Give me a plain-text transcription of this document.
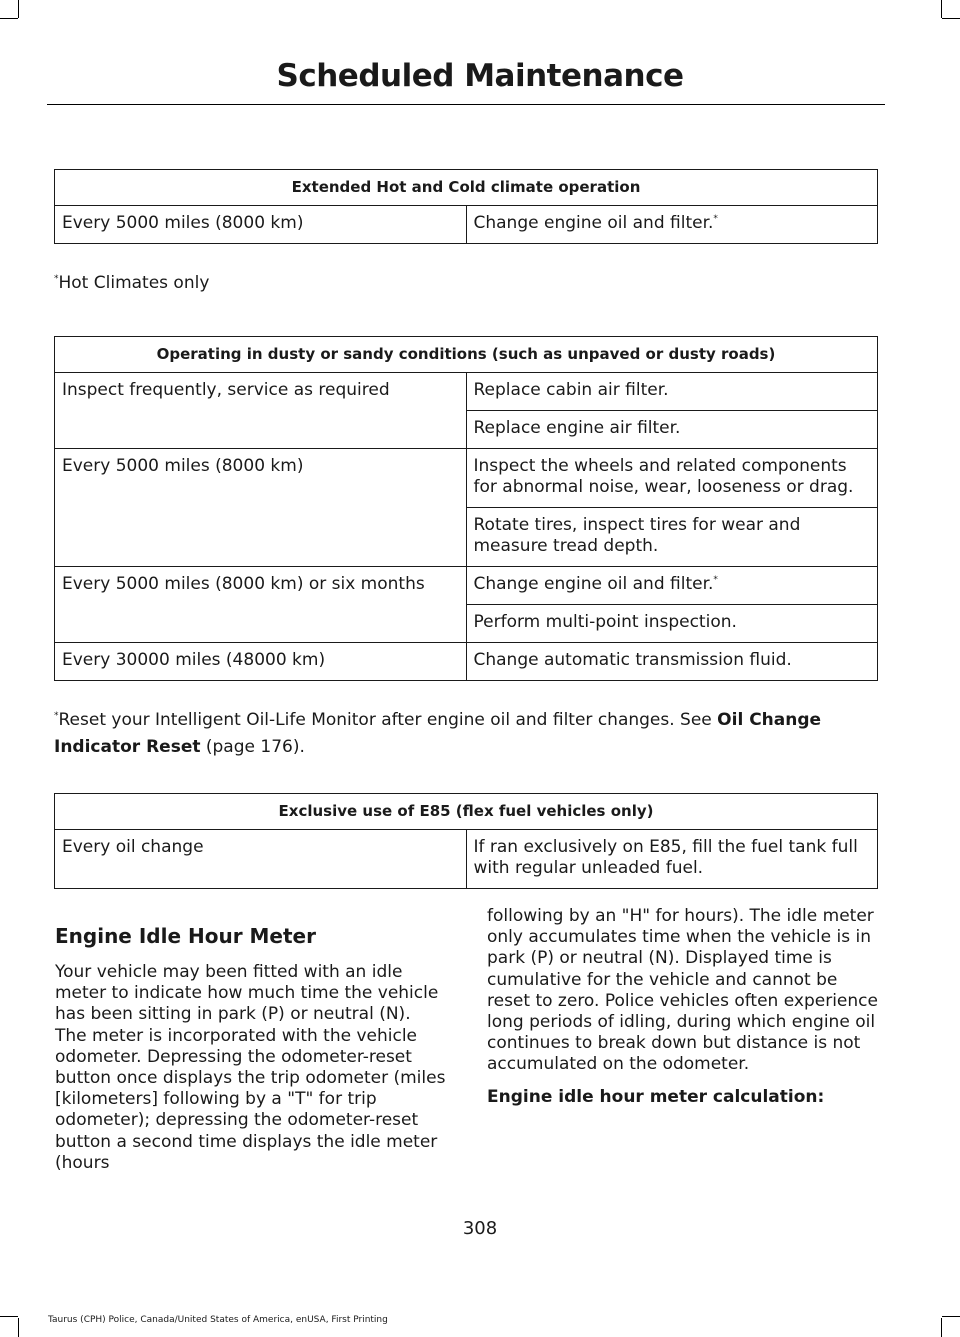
Scheduled Maintenance
Extended Hot and Cold climate operation
Every 5000 miles (8000 km)	Change engine oil and filter.*

*Hot Climates only

Operating in dusty or sandy conditions (such as unpaved or dusty roads)	
Inspect frequently, service as required	Replace cabin air filter.
	Replace engine air filter.
Every 5000 miles (8000 km)	Inspect the wheels and related components for abnormal noise, wear, looseness or drag.
	Rotate tires, inspect tires for wear and measure tread depth.
Every 5000 miles (8000 km) or six months	Change engine oil and filter.*
	Perform multi-point inspection.
Every 30000 miles (48000 km)	Change automatic transmission fluid.

*Reset your Intelligent Oil-Life Monitor after engine oil and filter changes. See Oil Change Indicator Reset (page 176).

Exclusive use of E85 (flex fuel vehicles only)
Every oil change	If ran exclusively on E85, fill the fuel tank full with regular unleaded fuel.
Engine Idle Hour Meter

Your vehicle may been fitted with an idle meter to indicate how much time the vehicle has been sitting in park (P) or neutral (N). The meter is incorporated with the vehicle odometer. Depressing the odometer-reset button once displays the trip odometer (miles [kilometers] following by a "T" for trip odometer); depressing the odometer-reset button a second time displays the idle meter (hours

following by an "H" for hours). The idle meter only accumulates time when the vehicle is in park (P) or neutral (N). Displayed time is cumulative for the vehicle and cannot be reset to zero. Police vehicles often experience long periods of idling, during which engine oil continues to break down but distance is not accumulated on the odometer.

Engine idle hour meter calculation:
308
Taurus (CPH) Police, Canada/United States of America, enUSA, First Printing
